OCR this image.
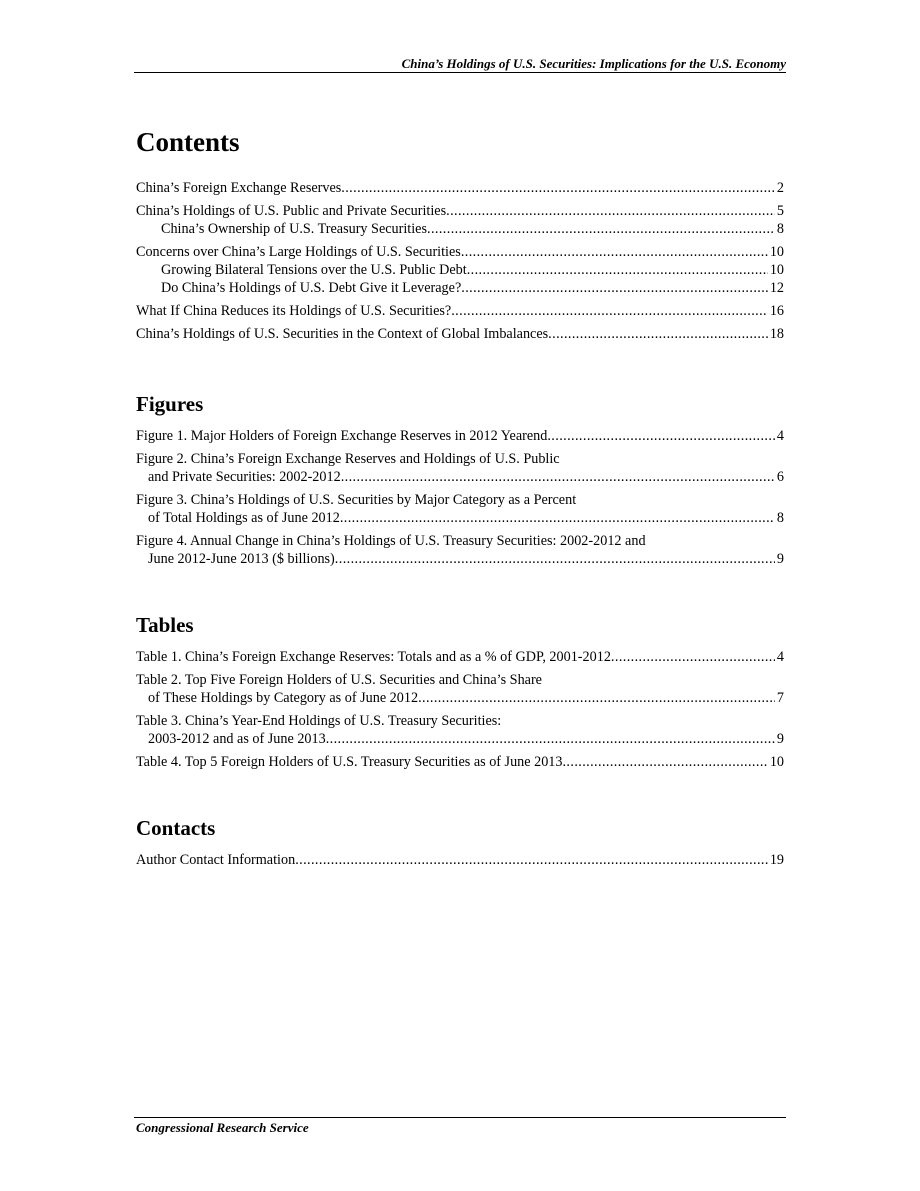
China’s Holdings of U.S. Securities: Implications for the U.S. Economy
Contents
China’s Foreign Exchange Reserves .....	2
China’s Holdings of U.S. Public and Private Securities .....	5
China’s Ownership of U.S. Treasury Securities .....	8
Concerns over China’s Large Holdings of U.S. Securities .....	10
Growing Bilateral Tensions over the U.S. Public Debt .....	10
Do China’s Holdings of U.S. Debt Give it Leverage? .....	12
What If China Reduces its Holdings of U.S. Securities? .....	16
China’s Holdings of U.S. Securities in the Context of Global Imbalances .....	18
Figures
Figure 1. Major Holders of Foreign Exchange Reserves in 2012 Yearend .....	4
Figure 2. China’s Foreign Exchange Reserves and Holdings of U.S. Public
and Private Securities: 2002-2012 .....	6
Figure 3. China’s Holdings of U.S. Securities by Major Category as a Percent
of Total Holdings as of June 2012 .....	8
Figure 4. Annual Change in China’s Holdings of U.S. Treasury Securities: 2002-2012 and
June 2012-June 2013 ($ billions) .....	9
Tables
Table 1. China’s Foreign Exchange Reserves: Totals and as a % of GDP, 2001-2012 .....	4
Table 2. Top Five Foreign Holders of U.S. Securities and China’s Share
of These Holdings by Category as of June 2012 .....	7
Table 3. China’s Year-End Holdings of U.S. Treasury Securities:
2003-2012 and as of June 2013 .....	9
Table 4. Top 5 Foreign Holders of U.S. Treasury Securities as of June 2013 .....	10
Contacts
Author Contact Information .....	19
Congressional Research Service
